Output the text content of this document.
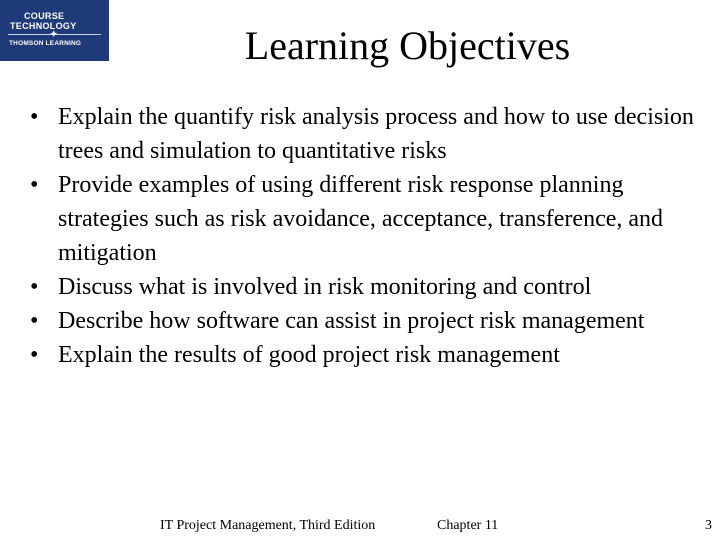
COURSE
TECHNOLOGY
✦
THOMSON LEARNING	Learning Objectives
• Explain the quantify risk analysis process and how to use decision trees and simulation to quantitative risks
• Provide examples of using different risk response planning strategies such as risk avoidance, acceptance, transference, and mitigation
• Discuss what is involved in risk monitoring and control
• Describe how software can assist in project risk management
• Explain the results of good project risk management
IT Project Management, Third Edition	Chapter 11	3
